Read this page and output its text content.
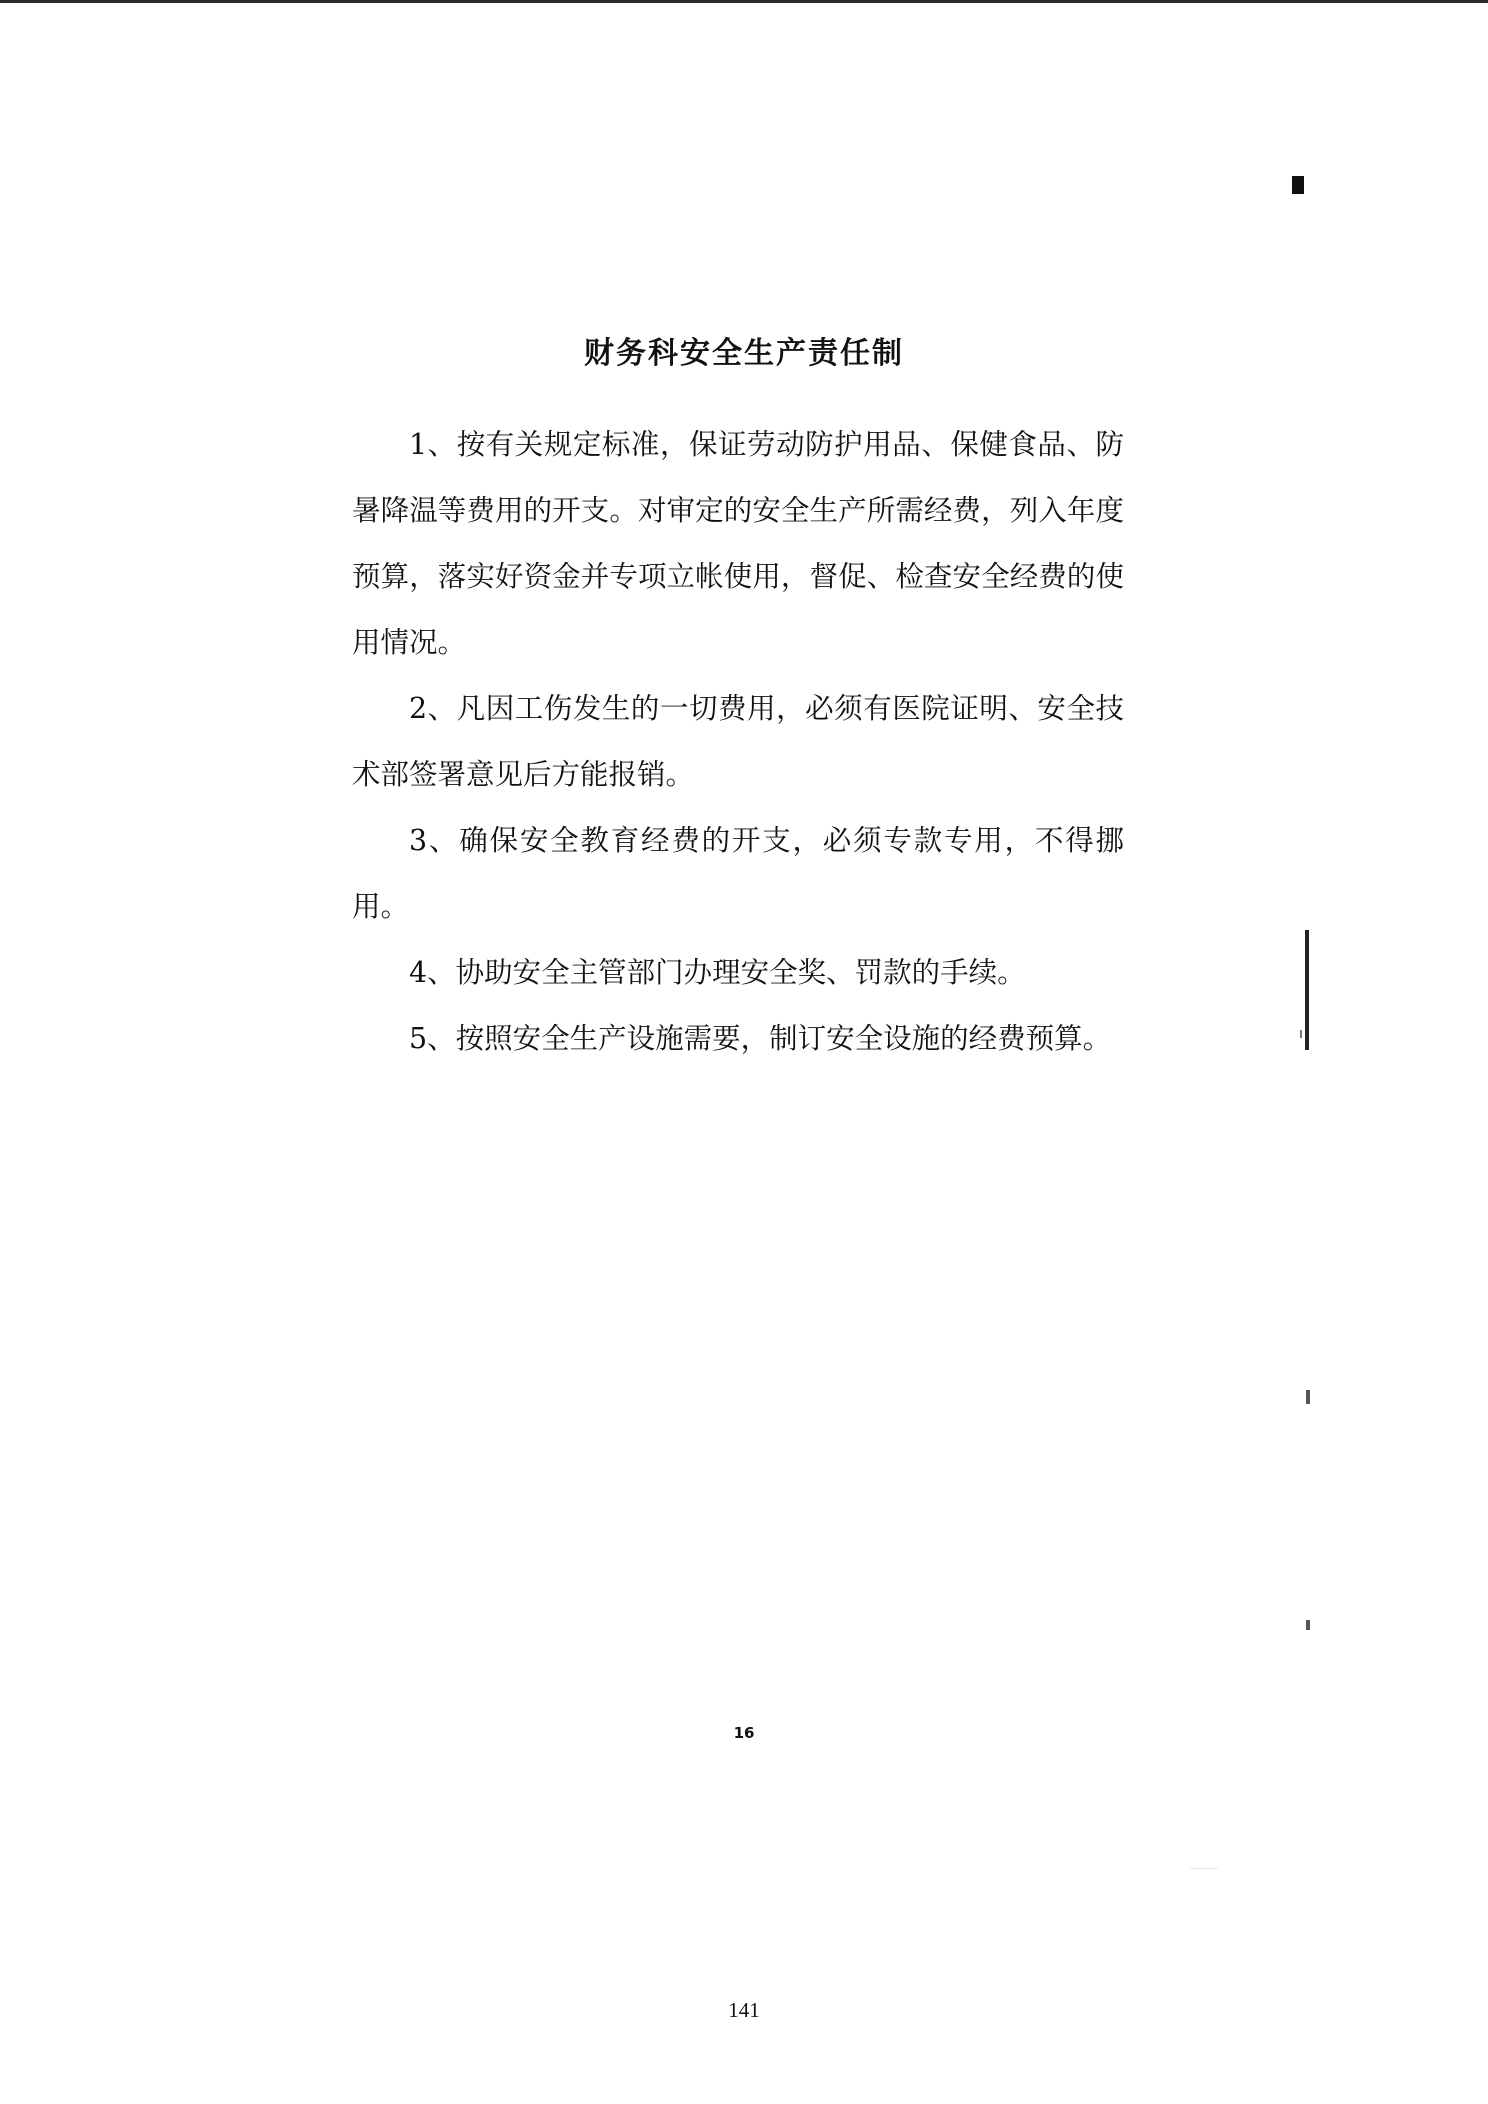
财务科安全生产责任制

1、按有关规定标准，保证劳动防护用品、保健食品、防暑降温等费用的开支。对审定的安全生产所需经费，列入年度预算，落实好资金并专项立帐使用，督促、检查安全经费的使用情况。

2、凡因工伤发生的一切费用，必须有医院证明、安全技术部签署意见后方能报销。

3、确保安全教育经费的开支，必须专款专用，不得挪用。

4、协助安全主管部门办理安全奖、罚款的手续。

5、按照安全生产设施需要，制订安全设施的经费预算。

16
141
